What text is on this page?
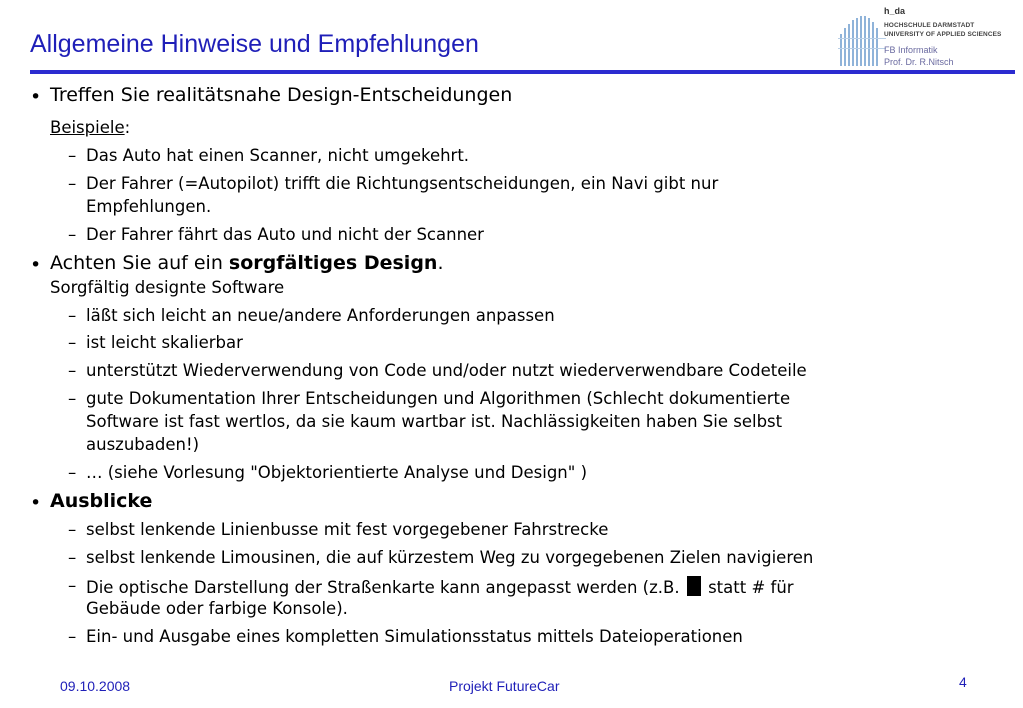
Allgemeine Hinweise und Empfehlungen
h_da
HOCHSCHULE DARMSTADT
UNIVERSITY OF APPLIED SCIENCES
FB Informatik
Prof. Dr. R.Nitsch
• Treffen Sie realitätsnahe Design-Entscheidungen
Beispiele:
– Das Auto hat einen Scanner, nicht umgekehrt.
– Der Fahrer (=Autopilot) trifft die Richtungsentscheidungen, ein Navi gibt nur
Empfehlungen.
– Der Fahrer fährt das Auto und nicht der Scanner
• Achten Sie auf ein sorgfältiges Design.
Sorgfältig designte Software
– läßt sich leicht an neue/andere Anforderungen anpassen
– ist leicht skalierbar
– unterstützt Wiederverwendung von Code und/oder nutzt wiederverwendbare Codeteile
– gute Dokumentation Ihrer Entscheidungen und Algorithmen (Schlecht dokumentierte
Software ist fast wertlos, da sie kaum wartbar ist. Nachlässigkeiten haben Sie selbst
auszubaden!)
– … (siehe Vorlesung "Objektorientierte Analyse und Design" )
• Ausblicke
– selbst lenkende Linienbusse mit fest vorgegebener Fahrstrecke
– selbst lenkende Limousinen, die auf kürzestem Weg zu vorgegebenen Zielen navigieren
– Die optische Darstellung der Straßenkarte kann angepasst werden (z.B. statt # für
Gebäude oder farbige Konsole).
– Ein- und Ausgabe eines kompletten Simulationsstatus mittels Dateioperationen
09.10.2008	Projekt FutureCar	4
